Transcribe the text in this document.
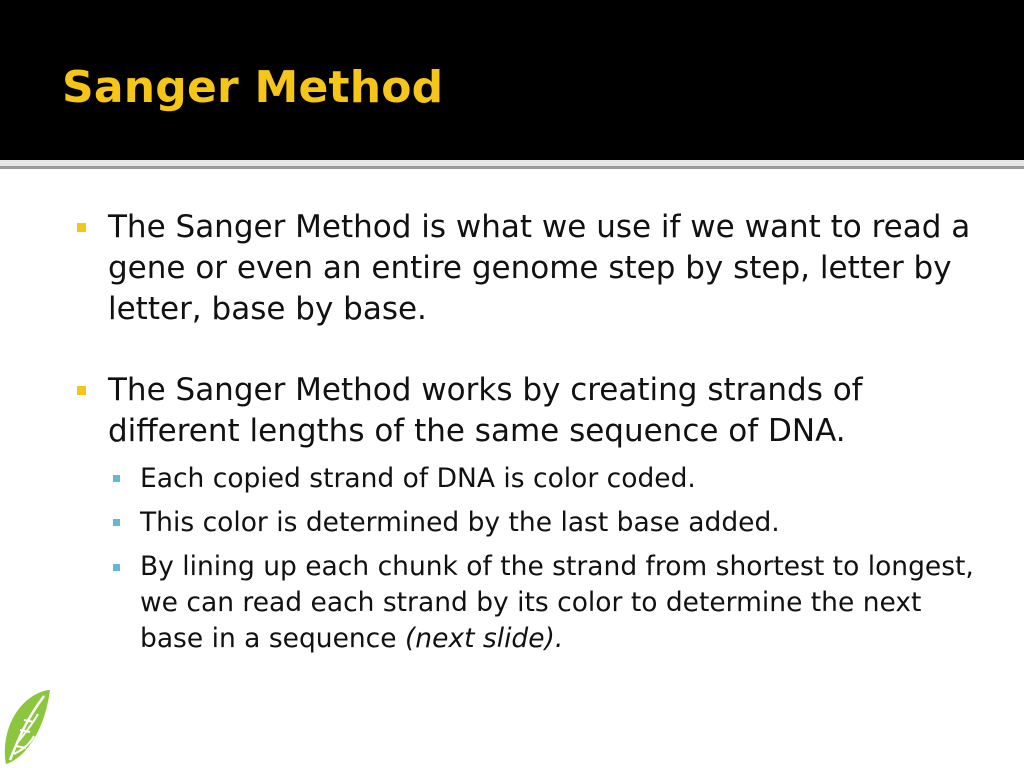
Sanger Method
The Sanger Method is what we use if we want to read a gene or even an entire genome step by step, letter by letter, base by base.
The Sanger Method works by creating strands of different lengths of the same sequence of DNA.
Each copied strand of DNA is color coded.
This color is determined by the last base added.
By lining up each chunk of the strand from shortest to longest, we can read each strand by its color to determine the next base in a sequence (next slide).
